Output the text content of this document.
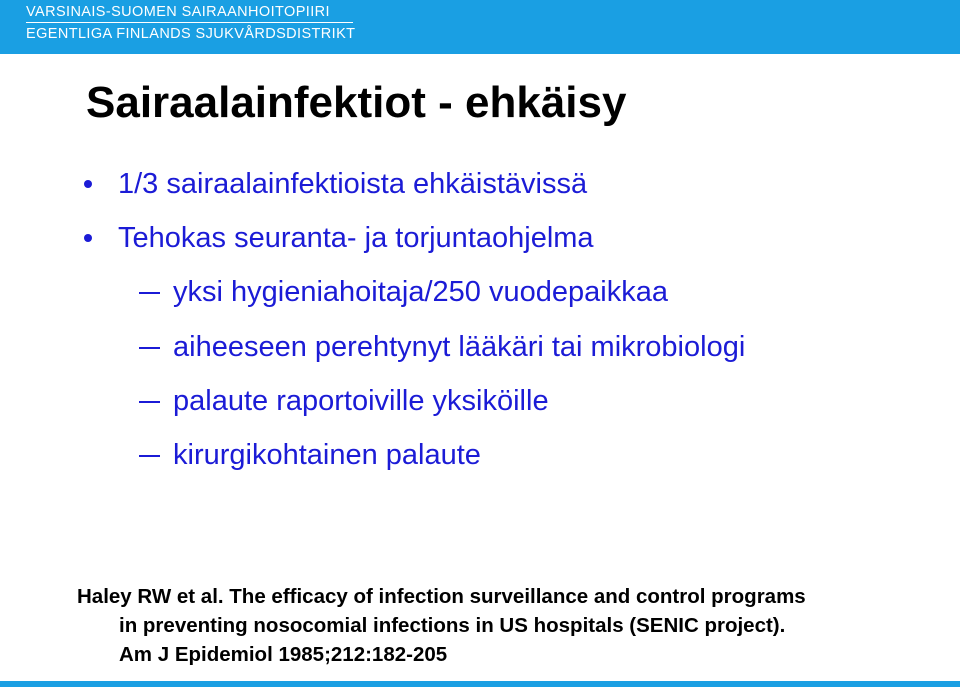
VARSINAIS-SUOMEN SAIRAANHOITOPIIRI
EGENTLIGA FINLANDS SJUKVÅRDSDISTRIKT
Sairaalainfektiot - ehkäisy
1/3 sairaalainfektioista ehkäistävissä
Tehokas seuranta- ja torjuntaohjelma
yksi hygieniahoitaja/250 vuodepaikkaa
aiheeseen perehtynyt lääkäri tai mikrobiologi
palaute raportoiville yksiköille
kirurgikohtainen palaute
Haley RW et al. The efficacy of infection surveillance and control programs
in preventing nosocomial infections in US hospitals (SENIC project).
Am J Epidemiol 1985;212:182-205
